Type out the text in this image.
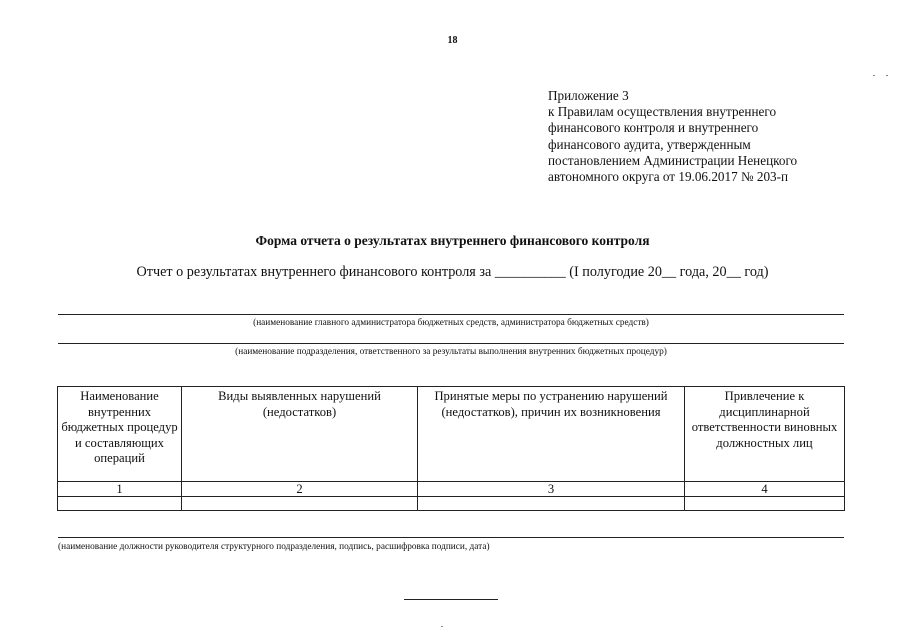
18
Приложение 3
к Правилам осуществления внутреннего
финансового контроля и внутреннего
финансового аудита, утвержденным
постановлением Администрации Ненецкого
автономного округа от 19.06.2017 № 203-п
Форма отчета о результатах внутреннего финансового контроля
Отчет о результатах внутреннего финансового контроля за __________ (I полугодие 20__ года, 20__ год)
(наименование главного администратора бюджетных средств, администратора бюджетных средств)
(наименование подразделения, ответственного за результаты выполнения внутренних бюджетных процедур)
Наименование внутренних бюджетных процедур и составляющих операций	Виды выявленных нарушений (недостатков)	Принятые меры по устранению нарушений (недостатков), причин их возникновения	Привлечение к дисциплинарной ответственности виновных должностных лиц
1	2	3	4

(наименование должности руководителя структурного подразделения, подпись, расшифровка подписи, дата)
